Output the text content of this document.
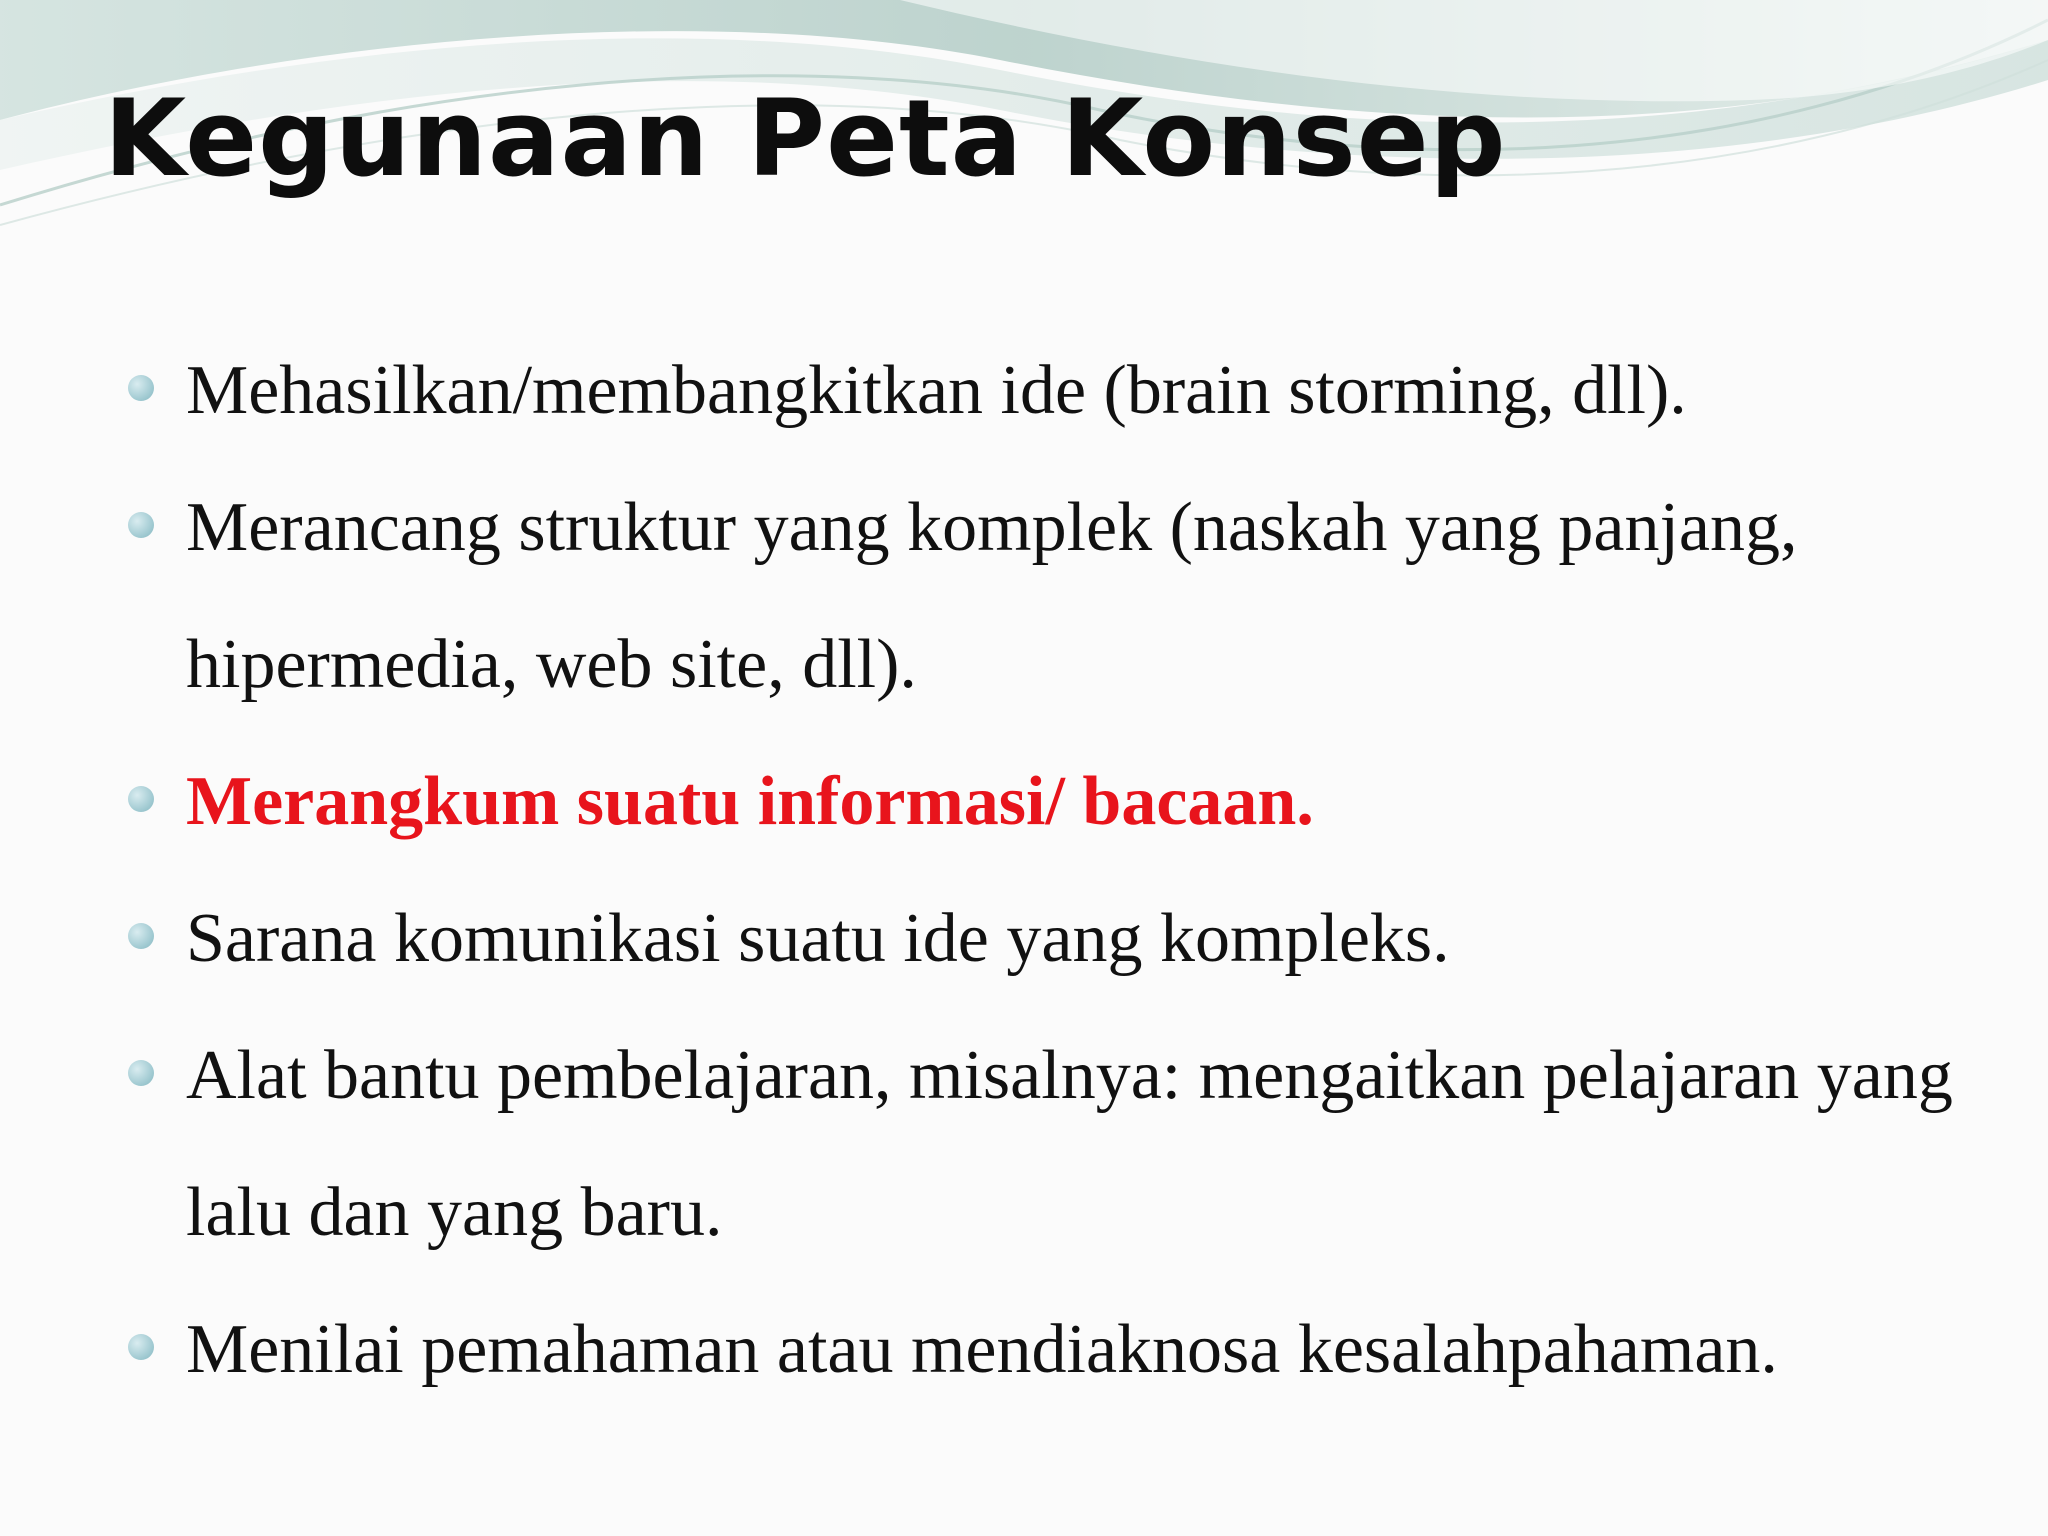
Kegunaan Peta Konsep
Mehasilkan/membangkitkan ide (brain storming, dll).
Merancang struktur yang komplek (naskah yang panjang, hipermedia, web site, dll).
Merangkum suatu informasi/ bacaan.
Sarana komunikasi suatu ide yang kompleks.
Alat bantu pembelajaran, misalnya: mengaitkan pelajaran yang lalu dan yang baru.
Menilai pemahaman atau mendiaknosa kesalahpahaman.
